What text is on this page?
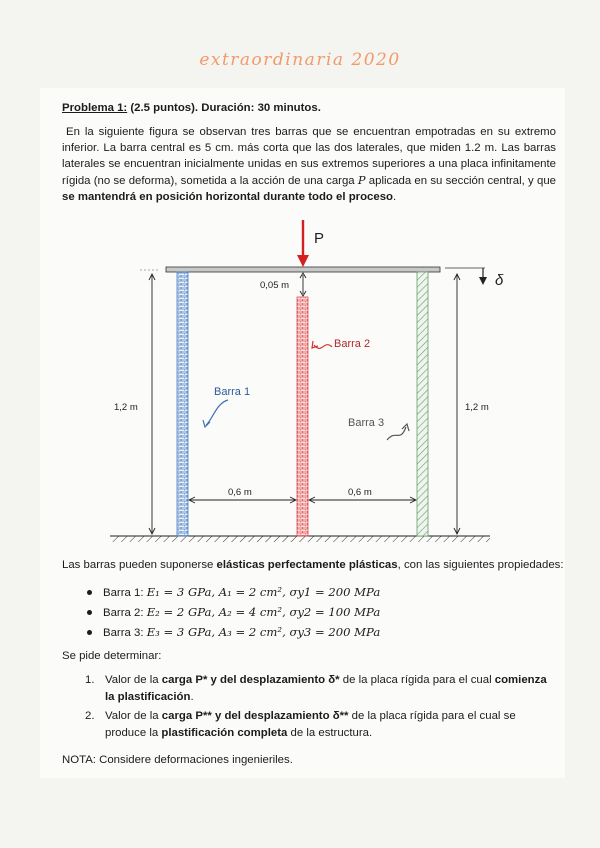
extraordinaria 2020
Problema 1: (2.5 puntos). Duración: 30 minutos.
En la siguiente figura se observan tres barras que se encuentran empotradas en su extremo inferior. La barra central es 5 cm. más corta que las dos laterales, que miden 1.2 m. Las barras laterales se encuentran inicialmente unidas en sus extremos superiores a una placa infinitamente rígida (no se deforma), sometida a la acción de una carga P aplicada en su sección central, y que se mantendrá en posición horizontal durante todo el proceso.
P
δ
0,05 m
1,2 m	1,2 m
0,6 m	0,6 m
Barra 1
Barra 2
Barra 3
Las barras pueden suponerse elásticas perfectamente plásticas, con las siguientes propiedades:
Barra 1: E₁ = 3 GPa, A₁ = 2 cm², σy1 = 200 MPa
Barra 2: E₂ = 2 GPa, A₂ = 4 cm², σy2 = 100 MPa
Barra 3: E₃ = 3 GPa, A₃ = 2 cm², σy3 = 200 MPa
Se pide determinar:
1. Valor de la carga P* y del desplazamiento δ* de la placa rígida para el cual comienza la plastificación.
2. Valor de la carga P** y del desplazamiento δ** de la placa rígida para el cual se produce la plastificación completa de la estructura.
NOTA: Considere deformaciones ingenieriles.
